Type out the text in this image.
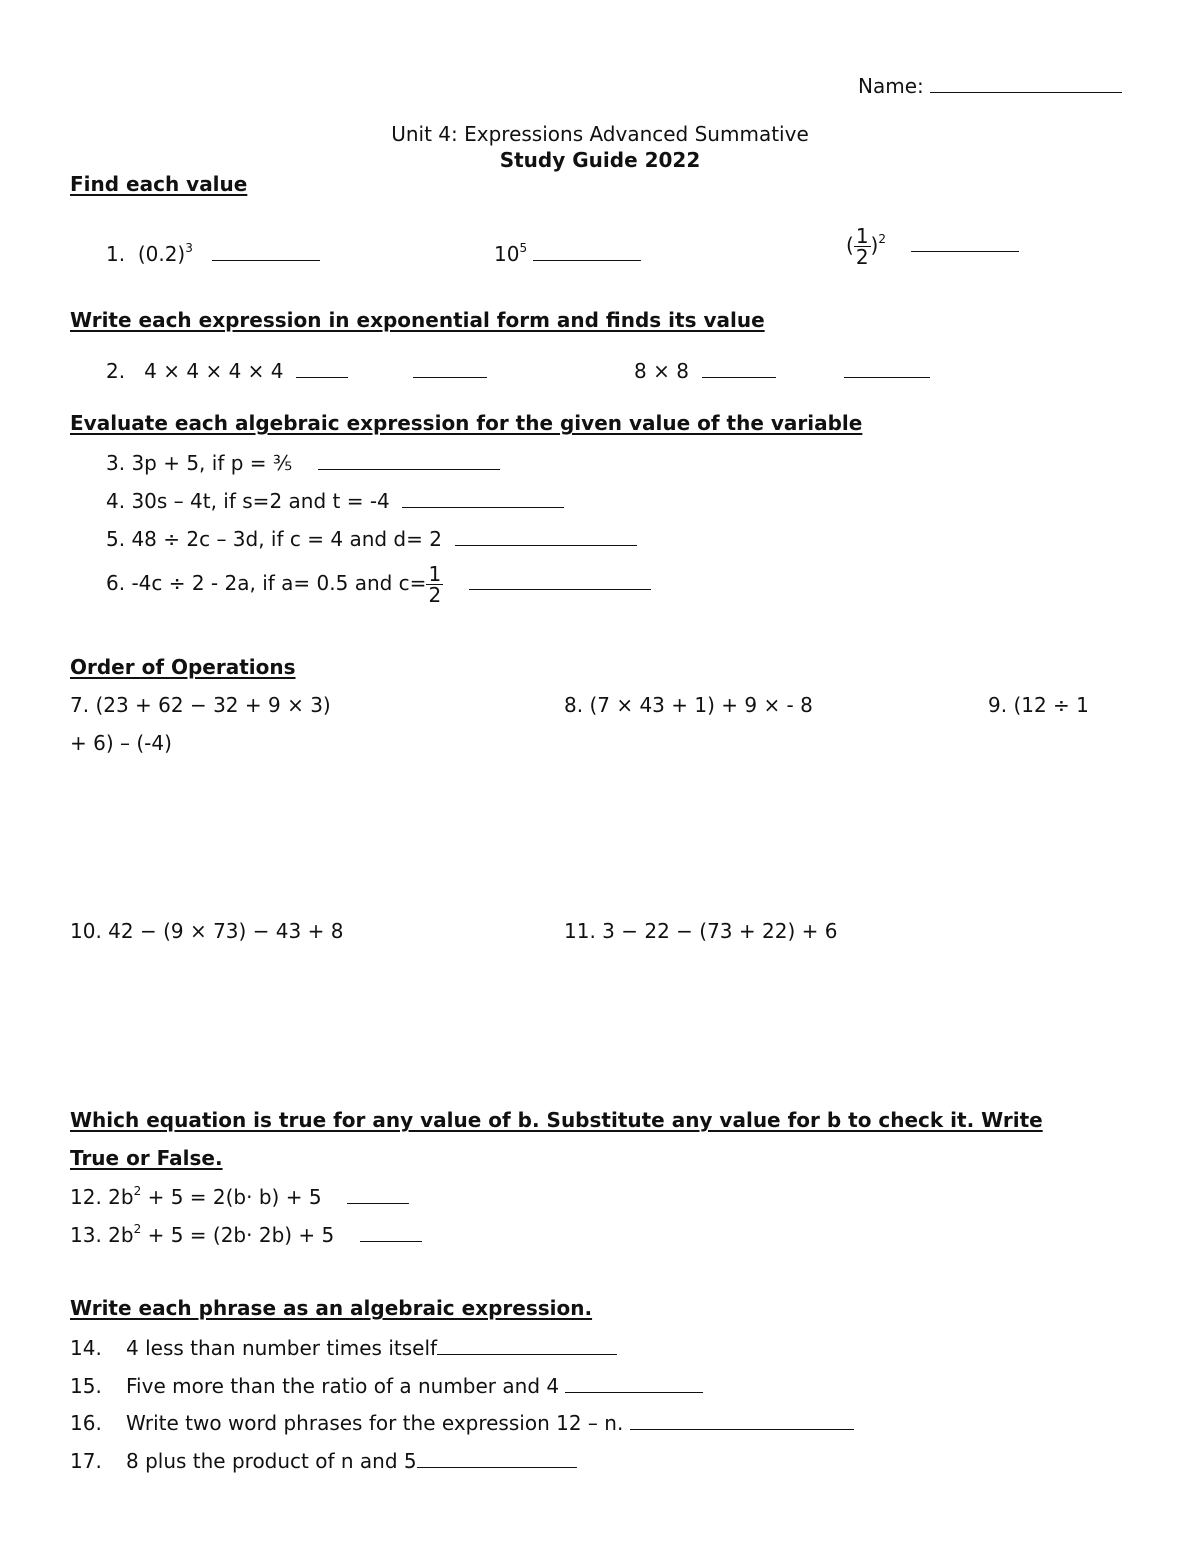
Name:
Unit 4: Expressions Advanced Summative
Study Guide 2022
Find each value
1. $(0.2)^3$	$10^5$	( $\frac{1}{2} )^2$
Write each expression in exponential form and finds its value
2. 4 × 4 × 4 × 4	8 × 8
Evaluate each algebraic expression for the given value of the variable
3. 3p + 5, if p = ⅗
4. 30s – 4t, if s=2 and t = -4
5. 48 ÷ 2c – 3d, if c = 4 and d= 2
6. -4c ÷ 2 - 2a, if a= 0.5 and $c= \frac{1}{2}$

Order of Operations
7. (23 + 62 − 32 + 9 × 3)	8. (7 × 43 + 1) + 9 × - 8	9. (12 ÷ 1
+ 6) – (-4)
10. 42 − (9 × 73) − 43 + 8	11. 3 − 22 − (73 + 22) + 6
Which equation is true for any value of b. Substitute any value for b to check it. Write
True or False.
12. $2b^2 + 5 = 2(b\cdot b) + 5$
13. $2b^2 + 5 = (2b\cdot 2b) + 5$
Write each phrase as an algebraic expression.
14. 4 less than number times itself
15. Five more than the ratio of a number and 4
16. Write two word phrases for the expression 12 – n.
17. 8 plus the product of n and 5
